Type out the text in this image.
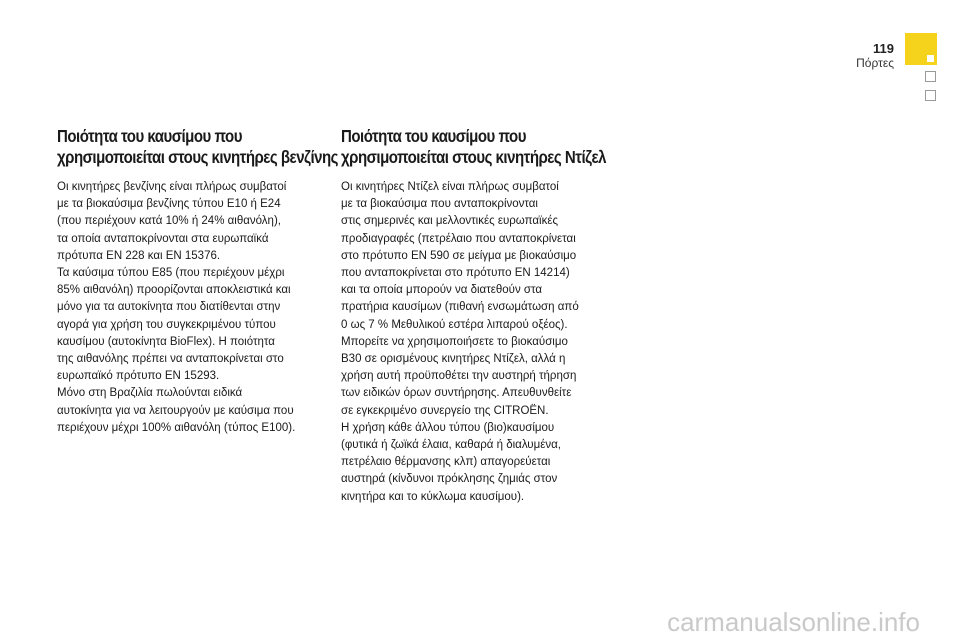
119
Πόρτες
Ποιότητα του καυσίμου που
χρησιμοποιείται στους κινητήρες βενζίνης

Οι κινητήρες βενζίνης είναι πλήρως συμβατοί
με τα βιοκαύσιμα βενζίνης τύπου E10 ή E24
(που περιέχουν κατά 10% ή 24% αιθανόλη),
τα οποία ανταποκρίνονται στα ευρωπαϊκά
πρότυπα EN 228 και EN 15376.
Τα καύσιμα τύπου E85 (που περιέχουν μέχρι
85% αιθανόλη) προορίζονται αποκλειστικά και
μόνο για τα αυτοκίνητα που διατίθενται στην
αγορά για χρήση του συγκεκριμένου τύπου
καυσίμου (αυτοκίνητα BioFlex). Η ποιότητα
της αιθανόλης πρέπει να ανταποκρίνεται στο
ευρωπαϊκό πρότυπο EN 15293.
Μόνο στη Βραζιλία πωλούνται ειδικά
αυτοκίνητα για να λειτουργούν με καύσιμα που
περιέχουν μέχρι 100% αιθανόλη (τύπος E100).

Ποιότητα του καυσίμου που
χρησιμοποιείται στους κινητήρες Ντίζελ

Οι κινητήρες Ντίζελ είναι πλήρως συμβατοί
με τα βιοκαύσιμα που ανταποκρίνονται
στις σημερινές και μελλοντικές ευρωπαϊκές
προδιαγραφές (πετρέλαιο που ανταποκρίνεται
στο πρότυπο EN 590 σε μείγμα με βιοκαύσιμο
που ανταποκρίνεται στο πρότυπο EN 14214)
και τα οποία μπορούν να διατεθούν στα
πρατήρια καυσίμων (πιθανή ενσωμάτωση από
0 ως 7 % Μεθυλικού εστέρα λιπαρού οξέος).
Μπορείτε να χρησιμοποιήσετε το βιοκαύσιμο
B30 σε ορισμένους κινητήρες Ντίζελ, αλλά η
χρήση αυτή προϋποθέτει την αυστηρή τήρηση
των ειδικών όρων συντήρησης. Απευθυνθείτε
σε εγκεκριμένο συνεργείο της CITROËN.
Η χρήση κάθε άλλου τύπου (βιο)καυσίμου
(φυτικά ή ζωϊκά έλαια, καθαρά ή διαλυμένα,
πετρέλαιο θέρμανσης κλπ) απαγορεύεται
αυστηρά (κίνδυνοι πρόκλησης ζημιάς στον
κινητήρα και το κύκλωμα καυσίμου).

carmanualsonline.info
